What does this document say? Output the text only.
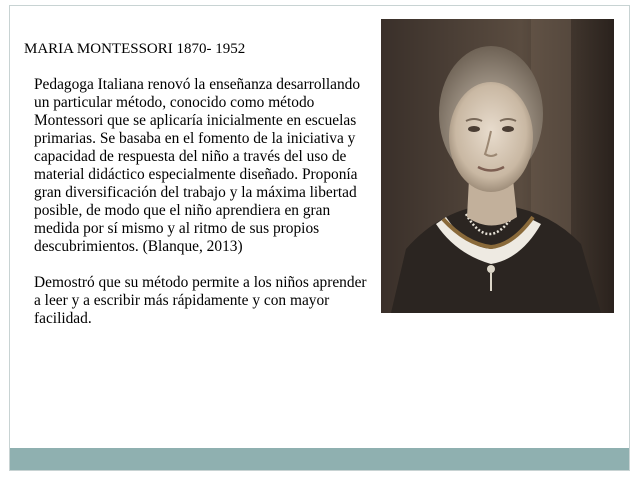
MARIA MONTESSORI 1870- 1952

Pedagoga Italiana renovó la enseñanza desarrollando un particular método, conocido como método Montessori que se aplicaría inicialmente en escuelas primarias. Se basaba en el fomento de la iniciativa y capacidad de respuesta del niño a través del uso de material didáctico especialmente diseñado. Proponía gran diversificación del trabajo y la máxima libertad posible, de modo que el niño aprendiera en gran medida por sí mismo y al ritmo de sus propios descubrimientos. (Blanque, 2013)

Demostró que su método permite a los niños aprender a leer y a escribir más rápidamente y con mayor facilidad.
